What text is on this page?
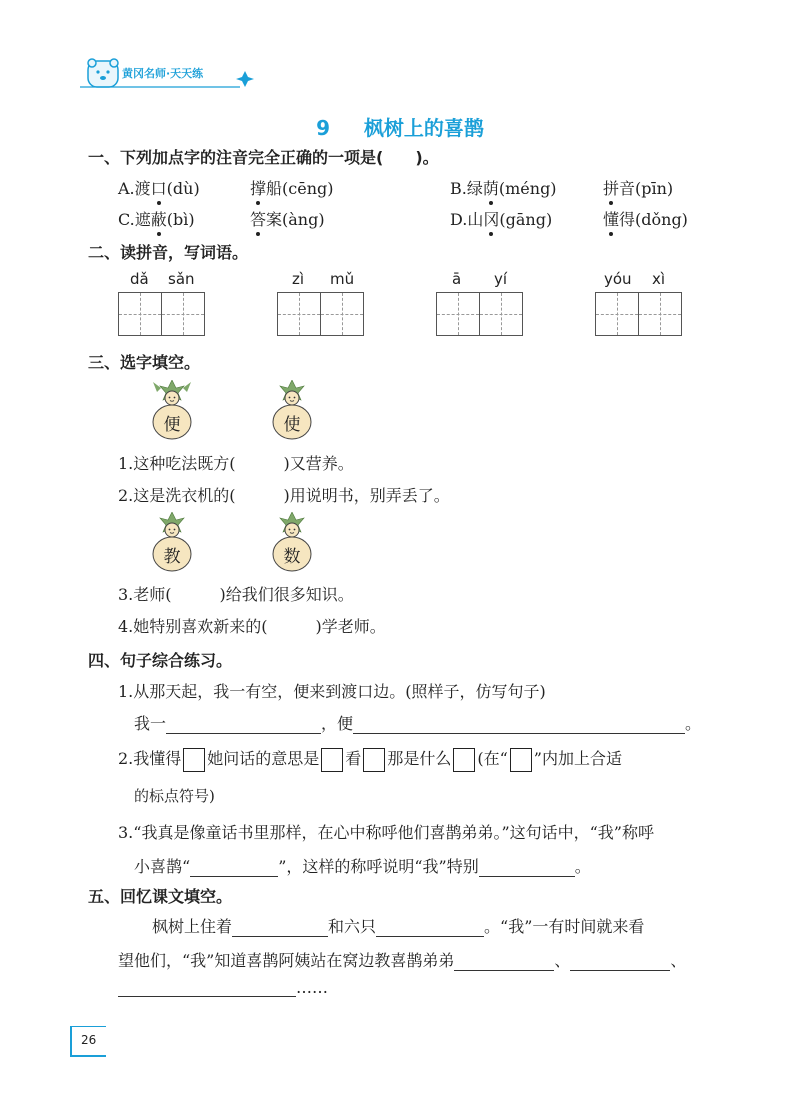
黄冈名师·天天练
9 枫树上的喜鹊
一、下列加点字的注音完全正确的一项是(　　)。
A.渡口(dù)	撑船(cēng)	B.绿荫(méng)	拼音(pīn)
C.遮蔽(bì)	答案(àng)	D.山冈(gāng)	懂得(dǒng)
二、读拼音，写词语。
dǎ sǎn	zì mǔ	ā yí	yóu xì
三、选字填空。
便	使
1.这种吃法既方(　　　)又营养。
2.这是洗衣机的(　　　)用说明书，别弄丢了。
教	数
3.老师(　　　)给我们很多知识。
4.她特别喜欢新来的(　　　)学老师。
四、句子综合练习。
1.从那天起，我一有空，便来到渡口边。(照样子，仿写句子)
我一	，便	。
2.我懂得 她问话的意思是 看 那是什么 (在“ ”内加上合适
的标点符号)
3.“我真是像童话书里那样，在心中称呼他们喜鹊弟弟。”这句话中，“我”称呼
小喜鹊“	”，这样的称呼说明“我”特别	。
五、回忆课文填空。
枫树上住着	和六只	。“我”一有时间就来看
望他们，“我”知道喜鹊阿姨站在窝边教喜鹊弟弟	、	、
……
26
